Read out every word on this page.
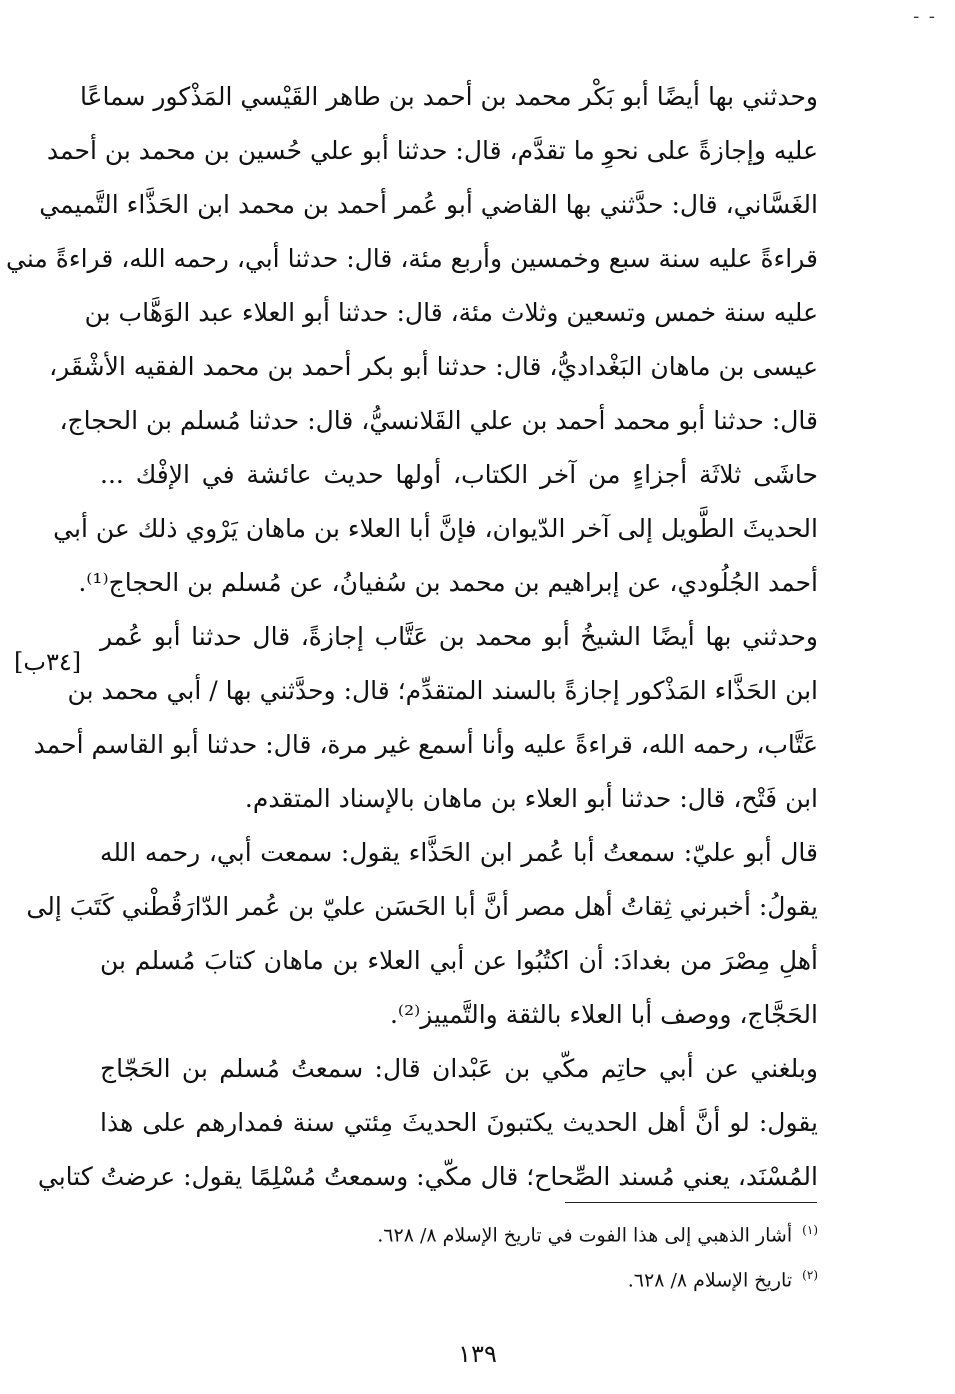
- -
وحدثني بها أيضًا أبو بَكْر محمد بن أحمد بن طاهر القَيْسي المَذْكور سماعًا
عليه وإجازةً على نحوِ ما تقدَّم، قال: حدثنا أبو علي حُسين بن محمد بن أحمد
الغَسَّاني، قال: حدَّثني بها القاضي أبو عُمر أحمد بن محمد ابن الحَذَّاء التَّميمي
قراءةً عليه سنة سبع وخمسين وأربع مئة، قال: حدثنا أبي، رحمه الله، قراءةً مني
عليه سنة خمس وتسعين وثلاث مئة، قال: حدثنا أبو العلاء عبد الوَهَّاب بن
عيسى بن ماهان البَغْداديُّ، قال: حدثنا أبو بكر أحمد بن محمد الفقيه الأشْقَر،
قال: حدثنا أبو محمد أحمد بن علي القَلانسيُّ، قال: حدثنا مُسلم بن الحجاج،
حاشَى ثلاثَة أجزاءٍ من آخر الكتاب، أولها حديث عائشة في الإفْك ...
الحديثَ الطَّويل إلى آخر الدّيوان، فإنَّ أبا العلاء بن ماهان يَرْوي ذلك عن أبي
أحمد الجُلُودي، عن إبراهيم بن محمد بن سُفيانُ، عن مُسلم بن الحجاج⁽¹⁾.
وحدثني بها أيضًا الشيخُ أبو محمد بن عَتَّاب إجازةً، قال حدثنا أبو عُمر
ابن الحَذَّاء المَذْكور إجازةً بالسند المتقدِّم؛ قال: وحدَّثني بها / أبي محمد بن
عَتَّاب، رحمه الله، قراءةً عليه وأنا أسمع غير مرة، قال: حدثنا أبو القاسم أحمد
ابن فَتْح، قال: حدثنا أبو العلاء بن ماهان بالإسناد المتقدم.
قال أبو عليّ: سمعتُ أبا عُمر ابن الحَذَّاء يقول: سمعت أبي، رحمه الله
يقولُ: أخبرني ثِقاتُ أهل مصر أنَّ أبا الحَسَن عليّ بن عُمر الدّارَقُطْني كَتَبَ إلى
أهلِ مِصْرَ من بغدادَ: أن اكتُبُوا عن أبي العلاء بن ماهان كتابَ مُسلم بن
الحَجَّاج، ووصف أبا العلاء بالثقة والتَّمييز⁽²⁾.
وبلغني عن أبي حاتِم مكّي بن عَبْدان قال: سمعتُ مُسلم بن الحَجّاج
يقول: لو أنَّ أهل الحديث يكتبونَ الحديثَ مِئتي سنة فمدارهم على هذا
المُسْنَد، يعني مُسند الصِّحاح؛ قال مكّي: وسمعتُ مُسْلِمًا يقول: عرضتُ كتابي
[٣٤ب]
$^{(١)}$ أشار الذهبي إلى هذا الفوت في تاريخ الإسلام ٨/ ٦٢٨.
$^{(٢)}$ تاريخ الإسلام ٨/ ٦٢٨.
١٣٩
